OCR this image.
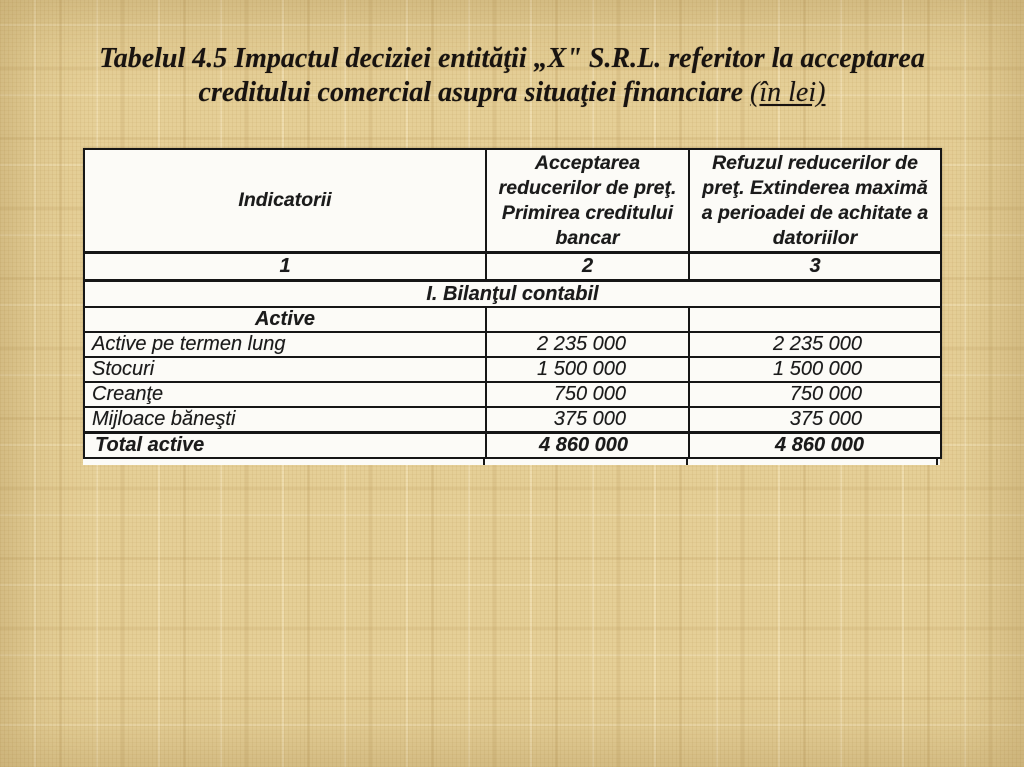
Tabelul 4.5 Impactul deciziei entităţii „X" S.R.L. referitor la acceptarea
creditului comercial asupra situaţiei financiare (în lei)
Indicatorii	Acceptarea reducerilor de preţ. Primirea creditului bancar	Refuzul reducerilor de preţ. Extinderea maximă a perioadei de achitate a datoriilor
1	2	3
I. Bilanţul contabil		
Active		
Active pe termen lung	2 235 000	2 235 000
Stocuri	1 500 000	1 500 000
Creanţe	750 000	750 000
Mijloace băneşti	375 000	375 000
Total active	4 860 000	4 860 000
